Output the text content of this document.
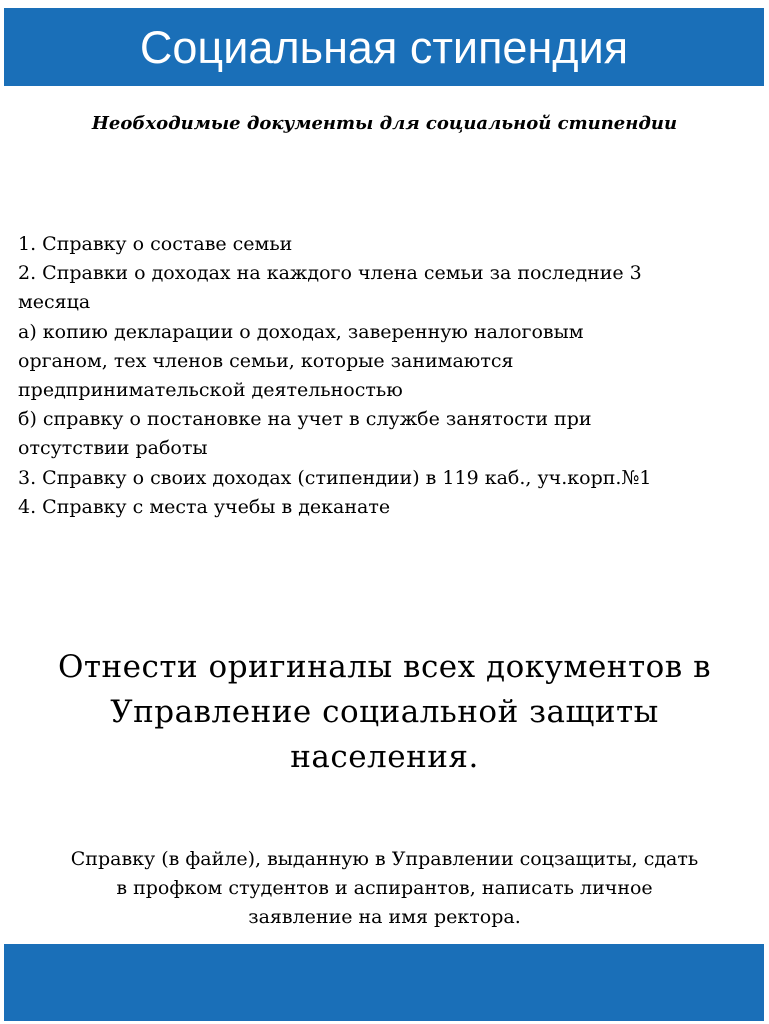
Социальная стипендия
Необходимые документы для социальной стипендии
1. Справку о составе семьи
2. Справки о доходах на каждого члена семьи за последние 3
месяца
а) копию декларации о доходах, заверенную налоговым
органом, тех членов семьи, которые занимаются
предпринимательской деятельностью
б) справку о постановке на учет в службе занятости при
отсутствии работы
3. Справку о своих доходах (стипендии) в 119 каб., уч.корп.№1
4. Справку с места учебы в деканате
Отнести оригиналы всех документов в
Управление социальной защиты
населения.
Справку (в файле), выданную в Управлении соцзащиты, сдать
в профком студентов и аспирантов, написать личное
заявление на имя ректора.
